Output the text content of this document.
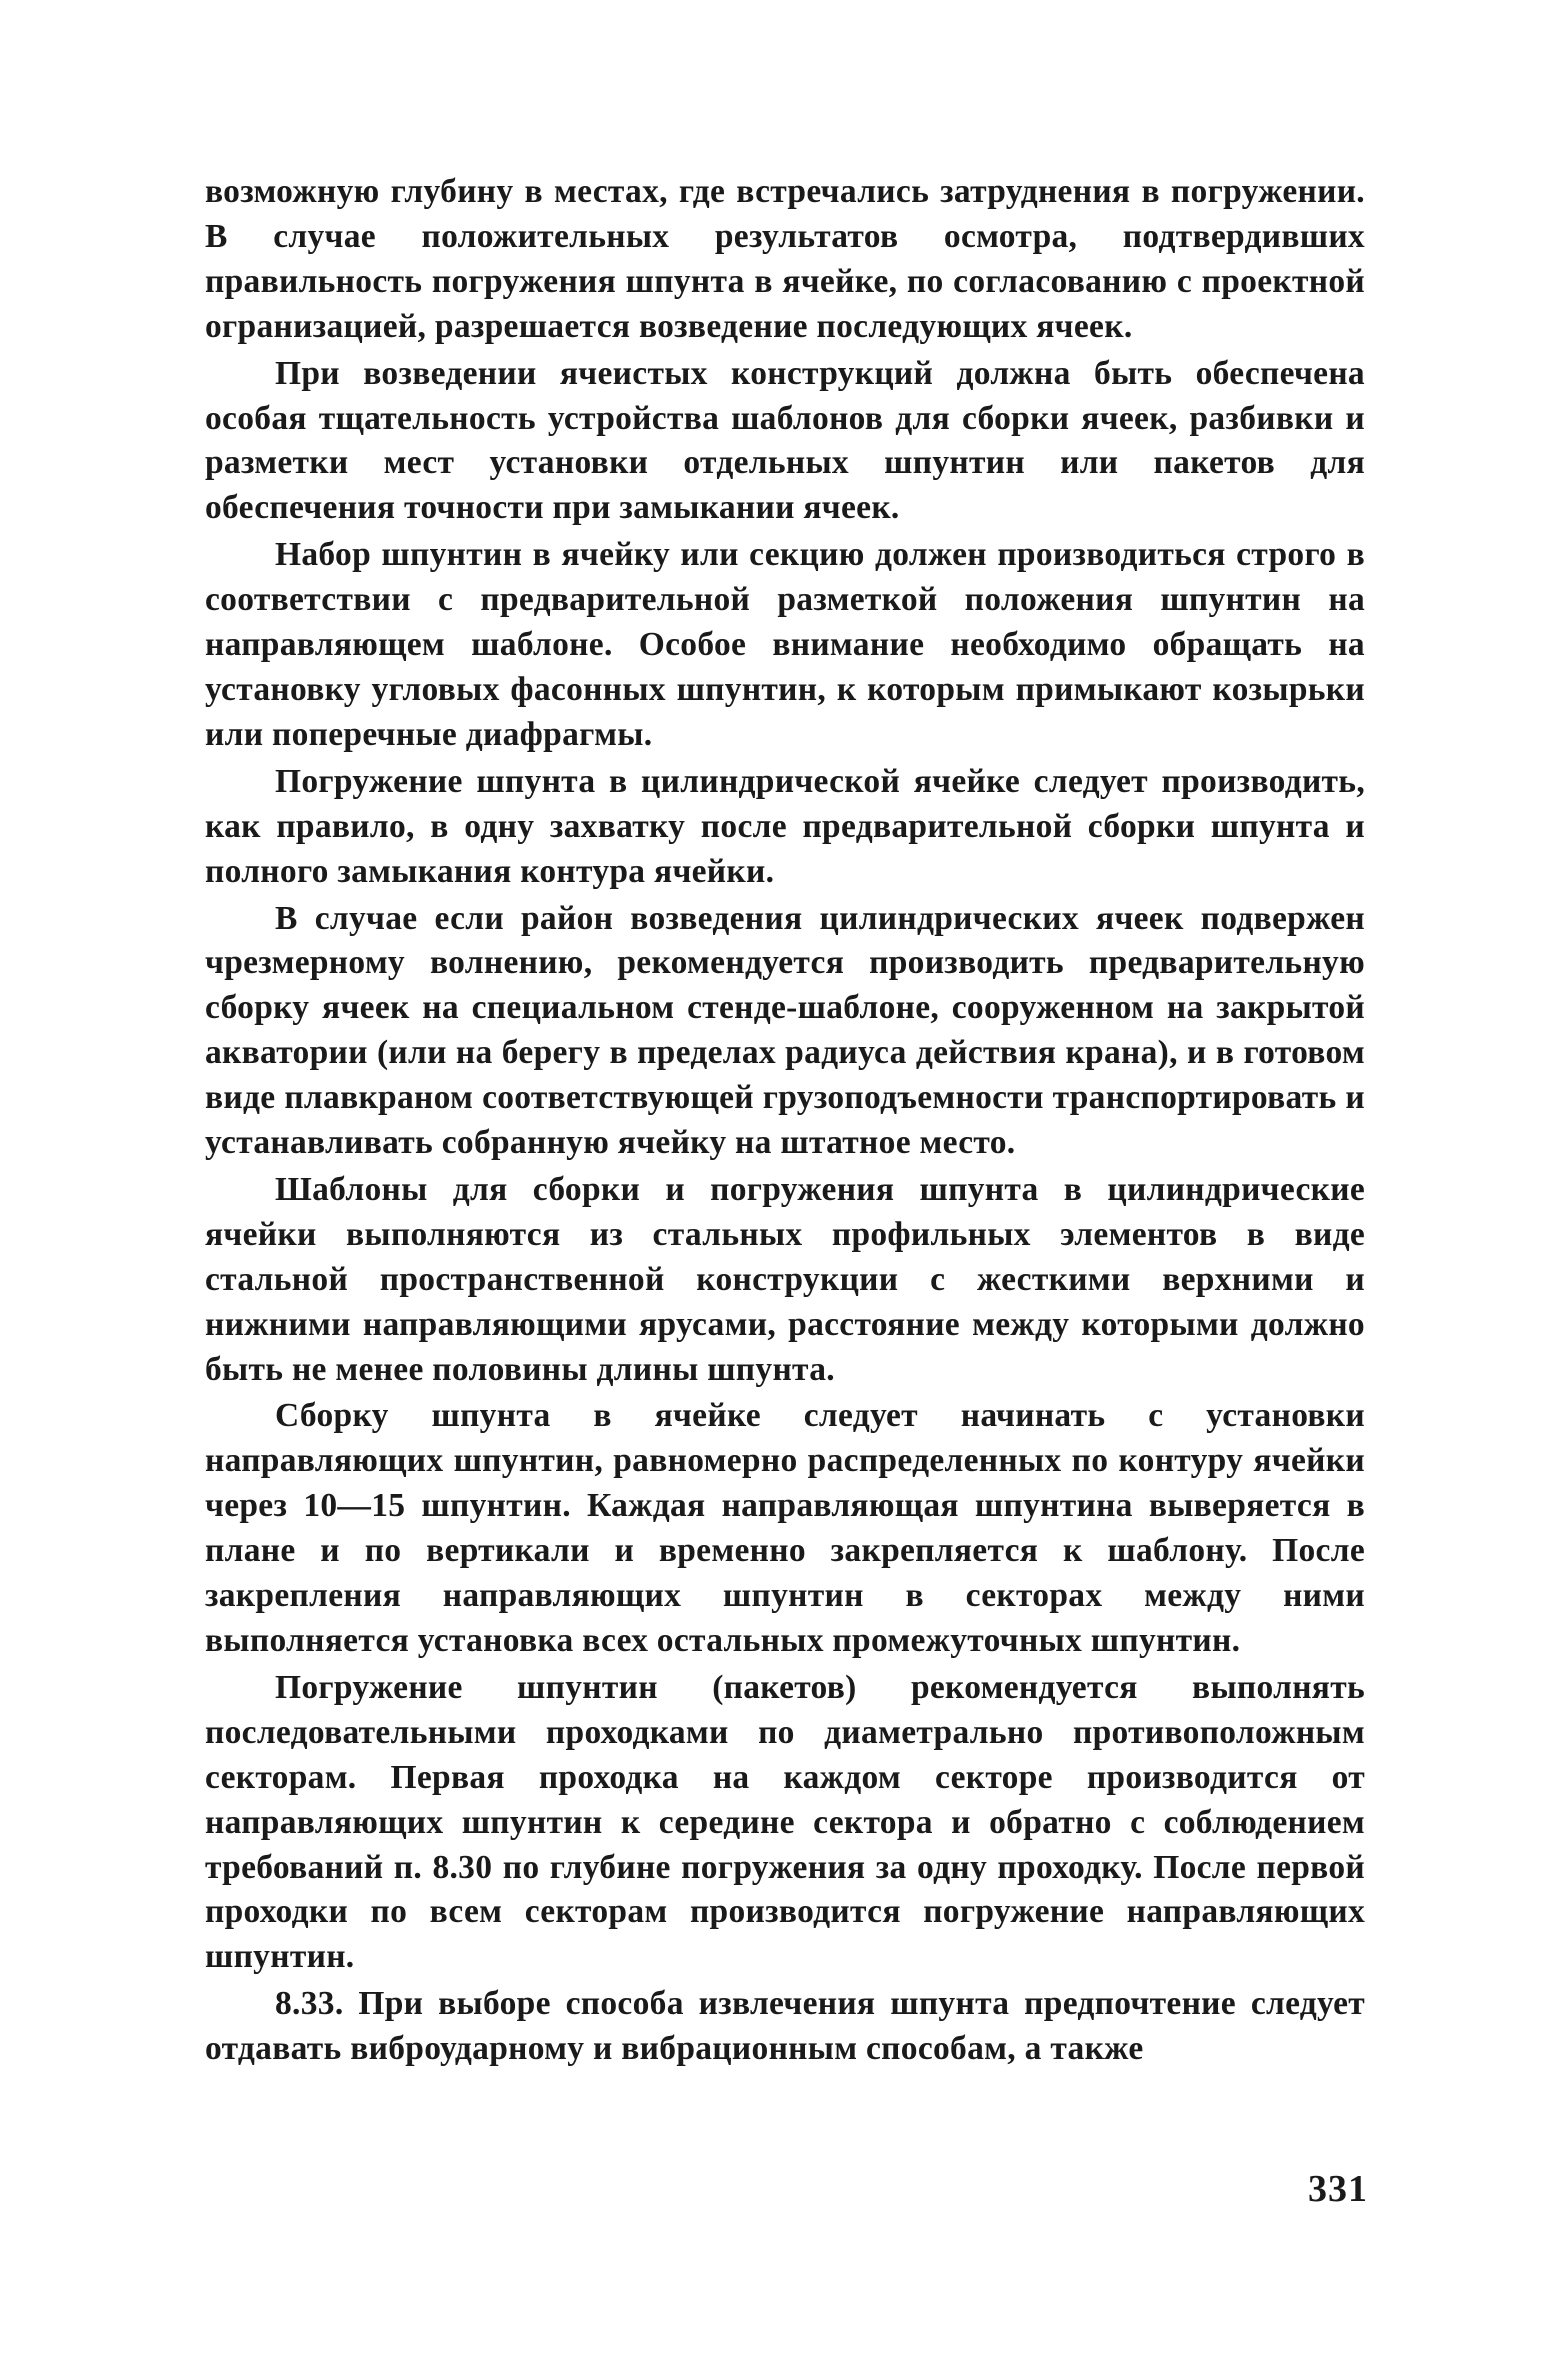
возможную глубину в местах, где встречались затруднения в погружении. В случае положительных результатов осмотра, подтвердивших правильность погружения шпунта в ячейке, по согласованию с проектной огранизацией, разрешается возведение последующих ячеек.

При возведении ячеистых конструкций должна быть обеспечена особая тщательность устройства шаблонов для сборки ячеек, разбивки и разметки мест установки отдельных шпунтин или пакетов для обеспечения точности при замыкании ячеек.

Набор шпунтин в ячейку или секцию должен производиться строго в соответствии с предварительной разметкой положения шпунтин на направляющем шаблоне. Особое внимание необходимо обращать на установку угловых фасонных шпунтин, к которым примыкают козырьки или поперечные диафрагмы.

Погружение шпунта в цилиндрической ячейке следует производить, как правило, в одну захватку после предварительной сборки шпунта и полного замыкания контура ячейки.

В случае если район возведения цилиндрических ячеек подвержен чрезмерному волнению, рекомендуется производить предварительную сборку ячеек на специальном стенде-шаблоне, сооруженном на закрытой акватории (или на берегу в пределах радиуса действия крана), и в готовом виде плавкраном соответствующей грузоподъемности транспортировать и устанавливать собранную ячейку на штатное место.

Шаблоны для сборки и погружения шпунта в цилиндрические ячейки выполняются из стальных профильных элементов в виде стальной пространственной конструкции с жесткими верхними и нижними направляющими ярусами, расстояние между которыми должно быть не менее половины длины шпунта.

Сборку шпунта в ячейке следует начинать с установки направляющих шпунтин, равномерно распределенных по контуру ячейки через 10—15 шпунтин. Каждая направляющая шпунтина выверяется в плане и по вертикали и временно закрепляется к шаблону. После закрепления направляющих шпунтин в секторах между ними выполняется установка всех остальных промежуточных шпунтин.

Погружение шпунтин (пакетов) рекомендуется выполнять последовательными проходками по диаметрально противоположным секторам. Первая проходка на каждом секторе производится от направляющих шпунтин к середине сектора и обратно с соблюдением требований п. 8.30 по глубине погружения за одну проходку. После первой проходки по всем секторам производится погружение направляющих шпунтин.

8.33. При выборе способа извлечения шпунта предпочтение следует отдавать виброударному и вибрационным способам, а также

331
